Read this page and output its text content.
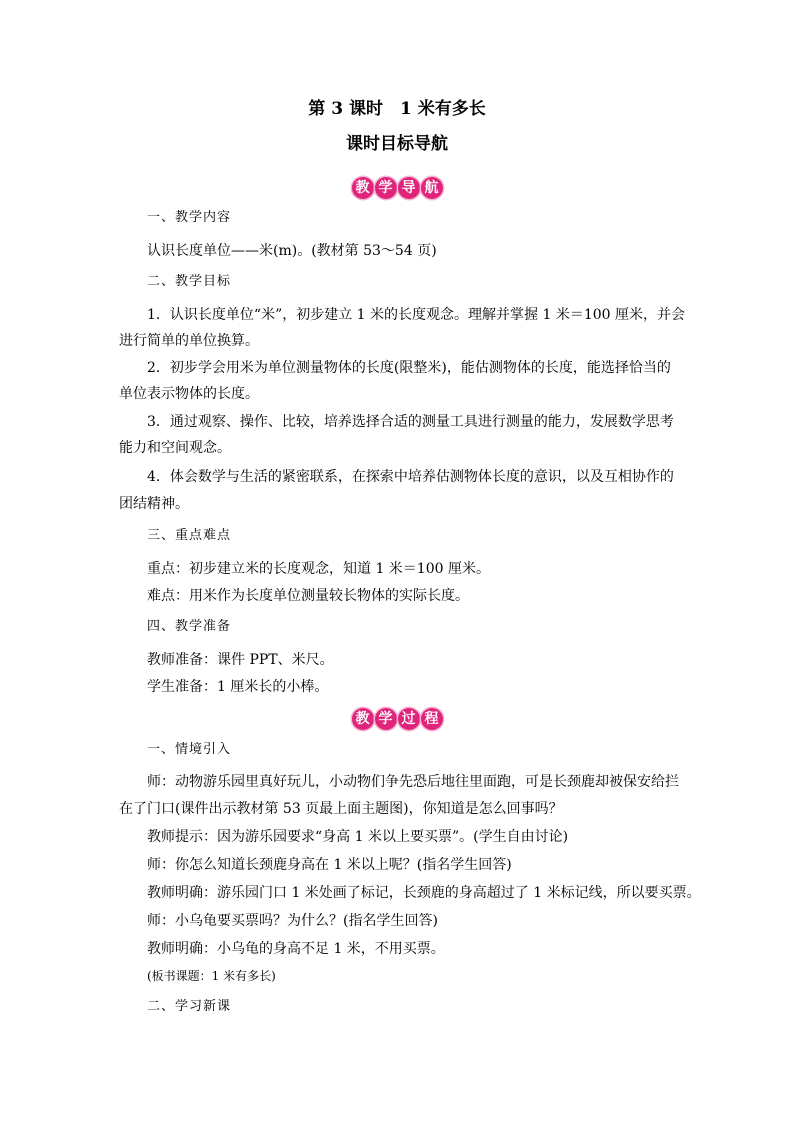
第 3 课时　1 米有多长
课时目标导航
教 学 导 航
一、教学内容
认识长度单位——米(m)。(教材第 53～54 页)
二、教学目标
1．认识长度单位“米”，初步建立 1 米的长度观念。理解并掌握 1 米＝100 厘米，并会
进行简单的单位换算。
2．初步学会用米为单位测量物体的长度(限整米)，能估测物体的长度，能选择恰当的
单位表示物体的长度。
3．通过观察、操作、比较，培养选择合适的测量工具进行测量的能力，发展数学思考
能力和空间观念。
4．体会数学与生活的紧密联系，在探索中培养估测物体长度的意识，以及互相协作的
团结精神。
三、重点难点
重点：初步建立米的长度观念，知道 1 米＝100 厘米。
难点：用米作为长度单位测量较长物体的实际长度。
四、教学准备
教师准备：课件 PPT、米尺。
学生准备：1 厘米长的小棒。
教 学 过 程
一、情境引入
师：动物游乐园里真好玩儿，小动物们争先恐后地往里面跑，可是长颈鹿却被保安给拦
在了门口(课件出示教材第 53 页最上面主题图)，你知道是怎么回事吗？
教师提示：因为游乐园要求“身高 1 米以上要买票”。(学生自由讨论)
师：你怎么知道长颈鹿身高在 1 米以上呢？(指名学生回答)
教师明确：游乐园门口 1 米处画了标记，长颈鹿的身高超过了 1 米标记线，所以要买票。
师：小乌龟要买票吗？为什么？(指名学生回答)
教师明确：小乌龟的身高不足 1 米，不用买票。
(板书课题：1 米有多长)
二、学习新课
